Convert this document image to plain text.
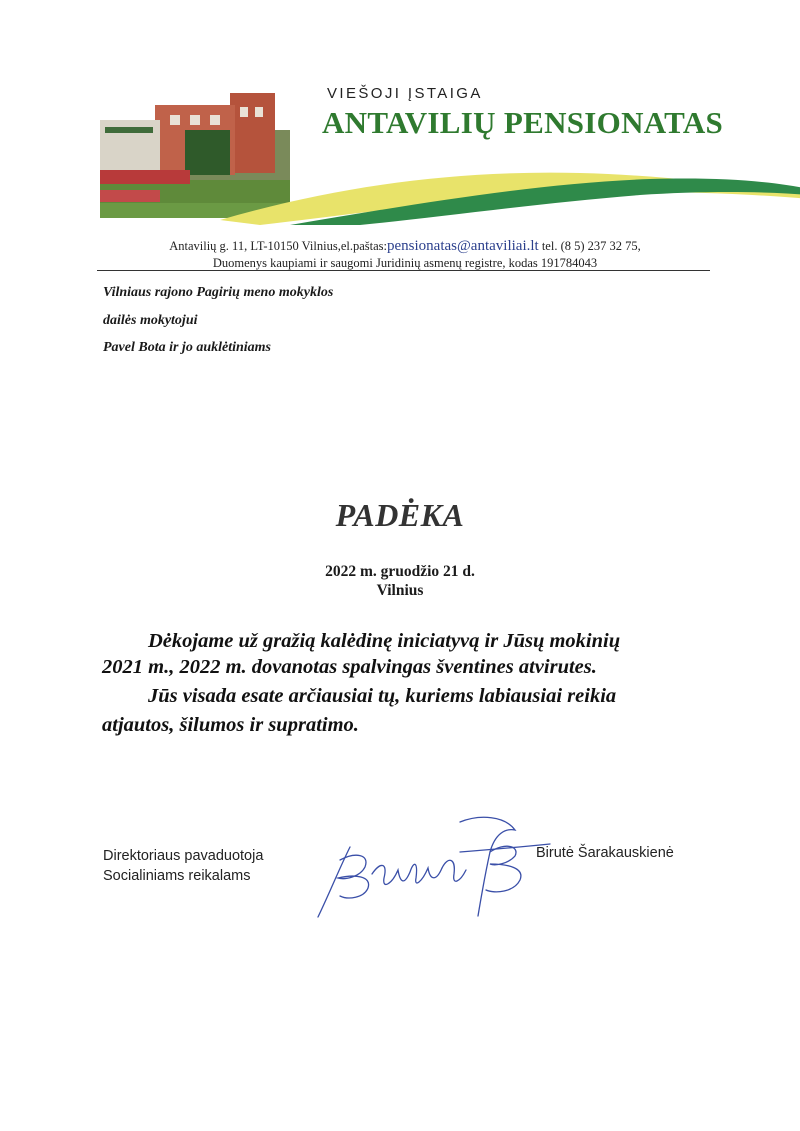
VIEŠOJI ĮSTAIGA
ANTAVILIŲ PENSIONATAS
Antavilių g. 11, LT-10150 Vilnius,el.paštas:pensionatas@antaviliai.lt tel. (8 5) 237 32 75,
Duomenys kaupiami ir saugomi Juridinių asmenų registre, kodas 191784043
Vilniaus rajono Pagirių meno mokyklos
dailės mokytojui
Pavel Bota ir jo auklėtiniams
PADĖKA
2022 m. gruodžio 21 d.
Vilnius
Dėkojame už gražią kalėdinę iniciatyvą ir Jūsų mokinių
2021 m., 2022 m. dovanotas spalvingas šventines atvirutes.
Jūs visada esate arčiausiai tų, kuriems labiausiai reikia
atjautos, šilumos ir supratimo.
Direktoriaus pavaduotoja
Socialiniams reikalams
Birutė Šarakauskienė
